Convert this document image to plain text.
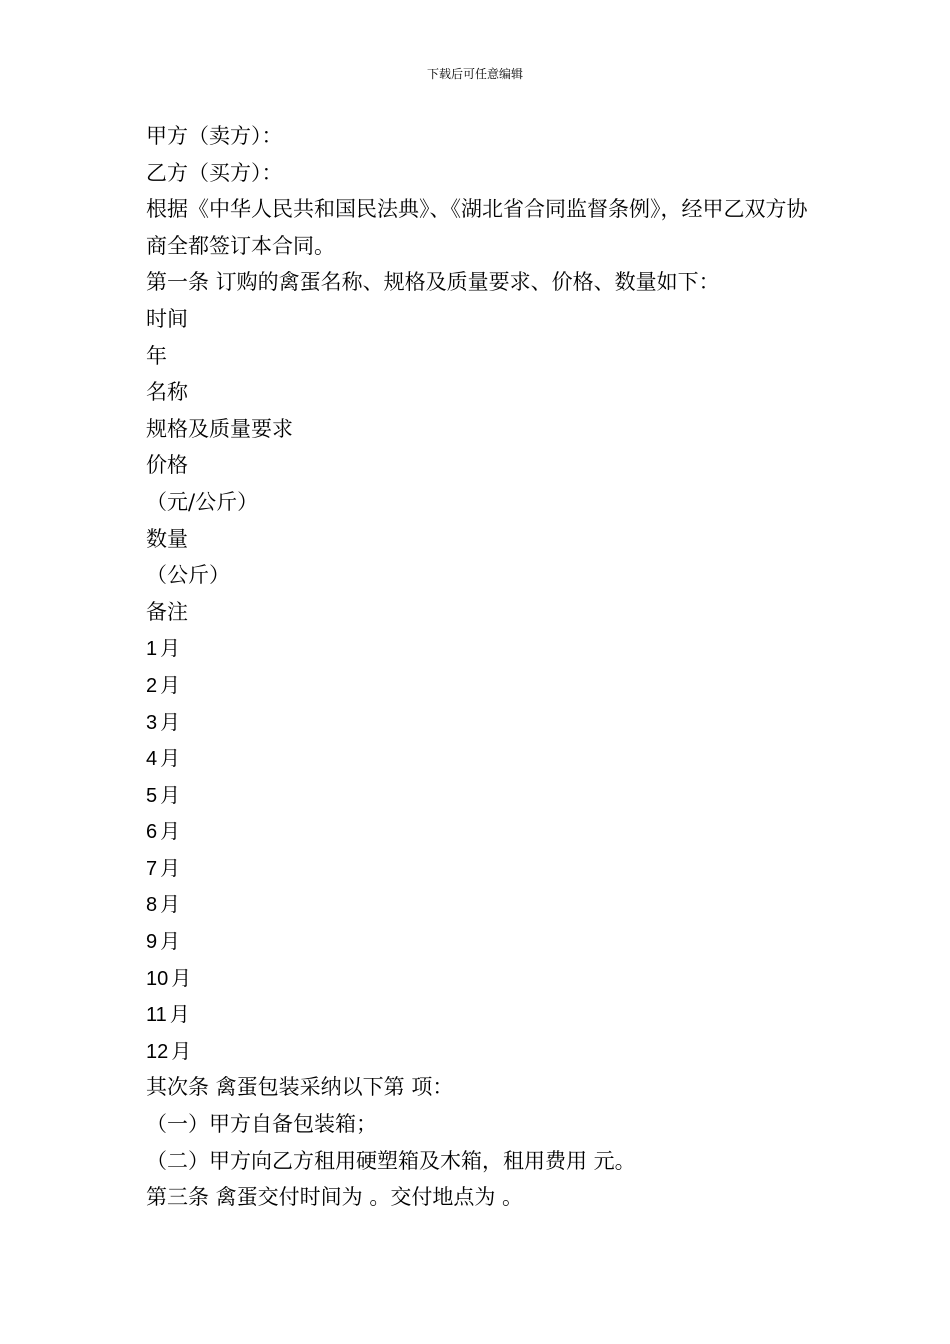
下载后可任意编辑
甲方（卖方）：
乙方（买方）：
根据《中华人民共和国民法典》、《湖北省合同监督条例》，经甲乙双方协商全都签订本合同。
第一条 订购的禽蛋名称、规格及质量要求、价格、数量如下：
时间
年
名称
规格及质量要求
价格
（元/公斤）
数量
（公斤）
备注
1 月
2 月
3 月
4 月
5 月
6 月
7 月
8 月
9 月
10 月
11 月
12 月
其次条 禽蛋包装采纳以下第 项：
（一）甲方自备包装箱；
（二）甲方向乙方租用硬塑箱及木箱，租用费用 元。
第三条 禽蛋交付时间为 。交付地点为 。
